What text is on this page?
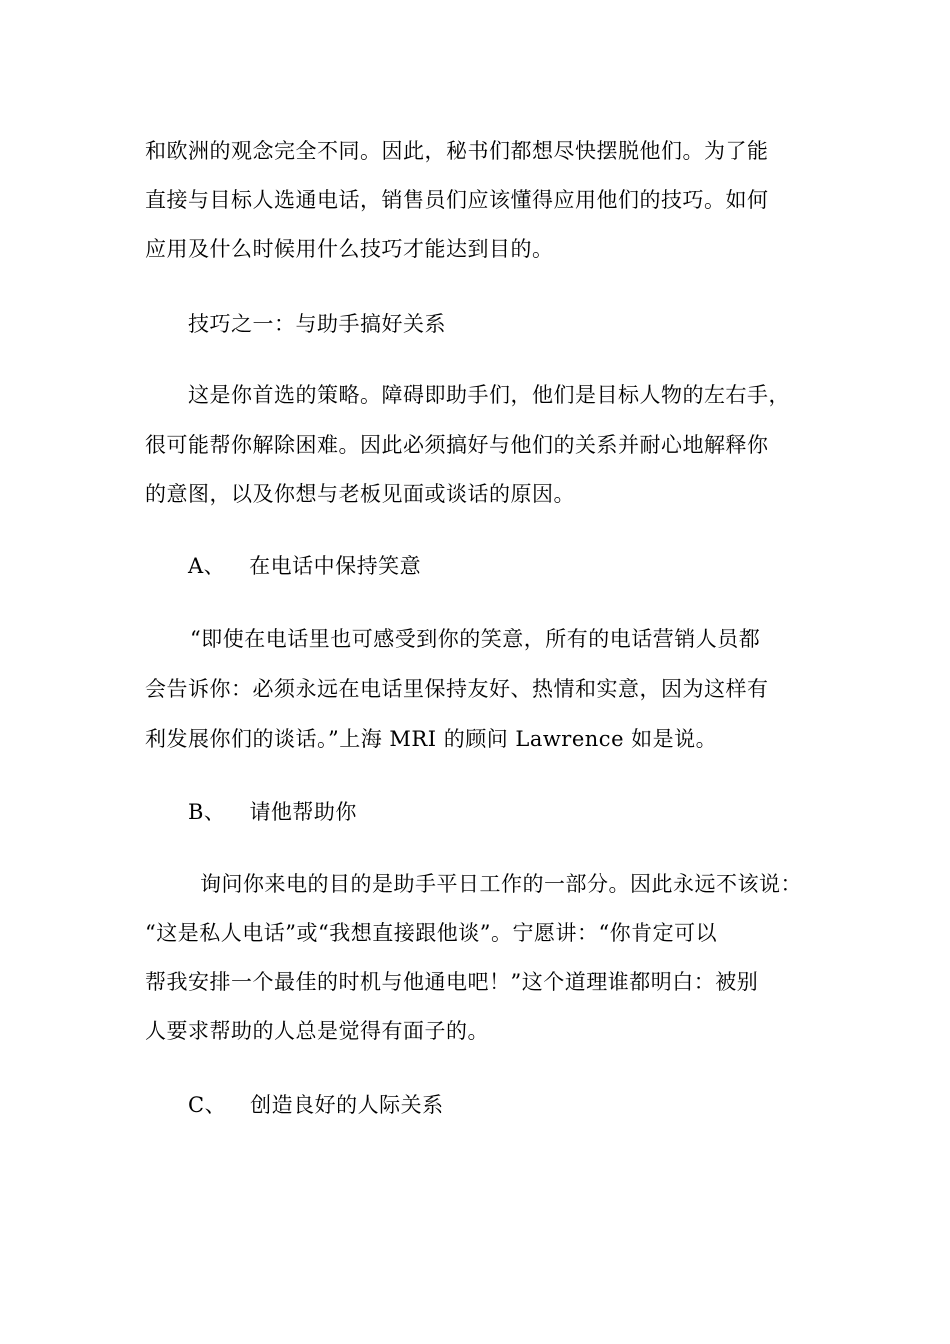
和欧洲的观念完全不同。因此，秘书们都想尽快摆脱他们。为了能
直接与目标人选通电话，销售员们应该懂得应用他们的技巧。如何
应用及什么时候用什么技巧才能达到目的。
技巧之一：与助手搞好关系
这是你首选的策略。障碍即助手们，他们是目标人物的左右手，
很可能帮你解除困难。因此必须搞好与他们的关系并耐心地解释你
的意图，以及你想与老板见面或谈话的原因。
A、 在电话中保持笑意
“即使在电话里也可感受到你的笑意，所有的电话营销人员都
会告诉你：必须永远在电话里保持友好、热情和实意，因为这样有
利发展你们的谈话。”上海 MRI 的顾问 Lawrence 如是说。
B、 请他帮助你
询问你来电的目的是助手平日工作的一部分。因此永远不该说：
“这是私人电话”或“我想直接跟他谈”。宁愿讲：“你肯定可以
帮我安排一个最佳的时机与他通电吧！”这个道理谁都明白：被别
人要求帮助的人总是觉得有面子的。
C、 创造良好的人际关系
